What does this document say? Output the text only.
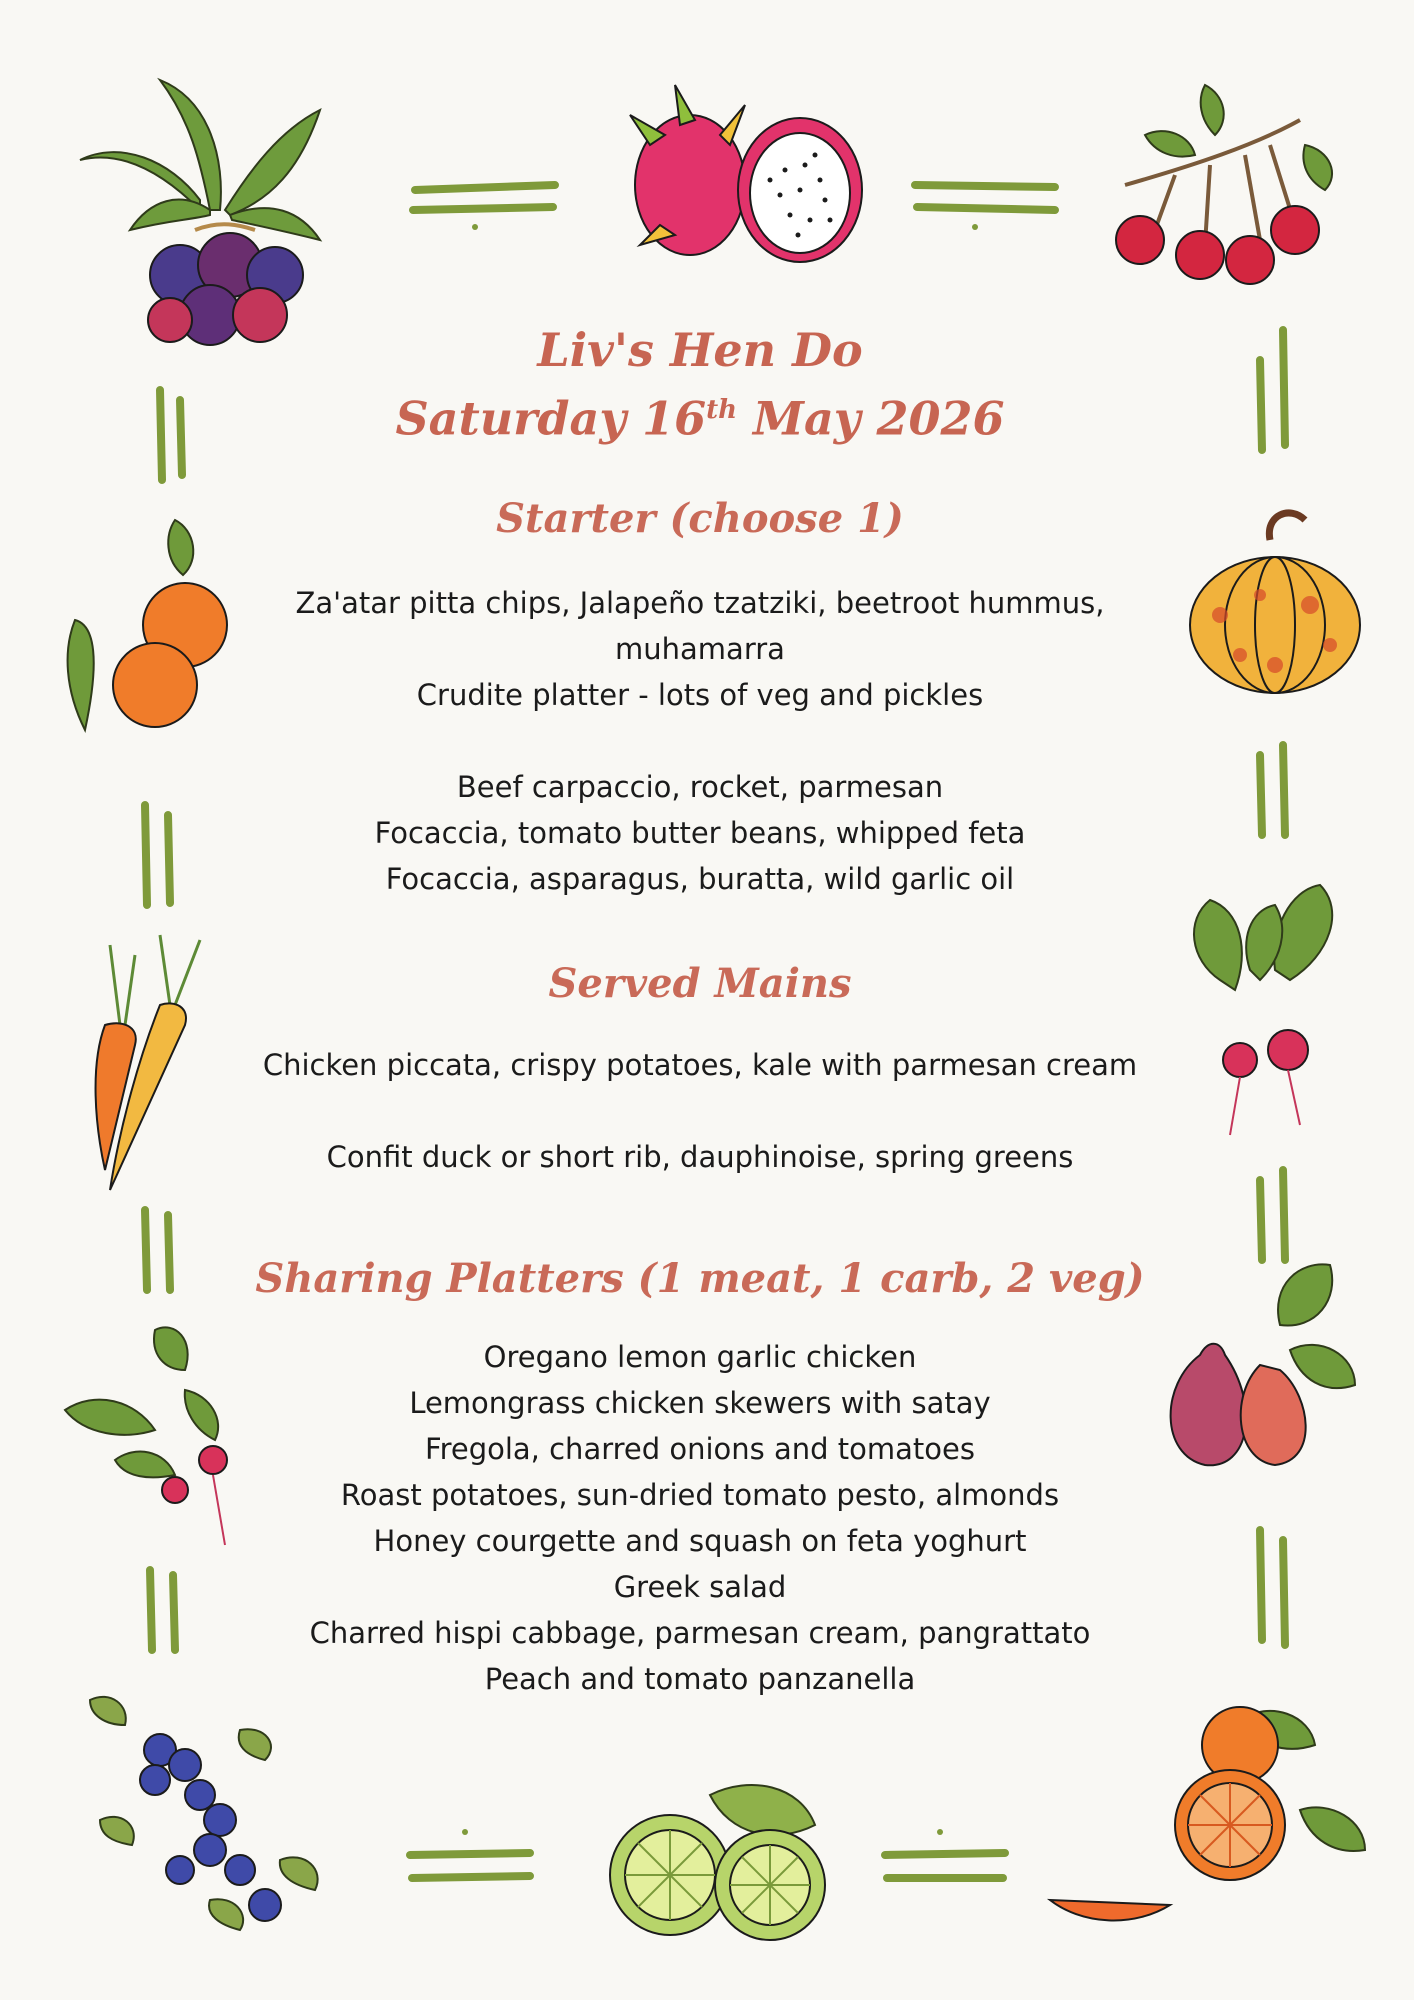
Liv's Hen Do

Saturday 16th May 2026

Starter (choose 1)

Za'atar pitta chips, Jalapeño tzatziki, beetroot hummus, muhamarra

Crudite platter - lots of veg and pickles

Beef carpaccio, rocket, parmesan

Focaccia, tomato butter beans, whipped feta

Focaccia, asparagus, buratta, wild garlic oil

Served Mains

Chicken piccata, crispy potatoes, kale with parmesan cream

Confit duck or short rib, dauphinoise, spring greens

Sharing Platters (1 meat, 1 carb, 2 veg)

Oregano lemon garlic chicken

Lemongrass chicken skewers with satay

Fregola, charred onions and tomatoes

Roast potatoes, sun-dried tomato pesto, almonds

Honey courgette and squash on feta yoghurt

Greek salad

Charred hispi cabbage, parmesan cream, pangrattato

Peach and tomato panzanella
